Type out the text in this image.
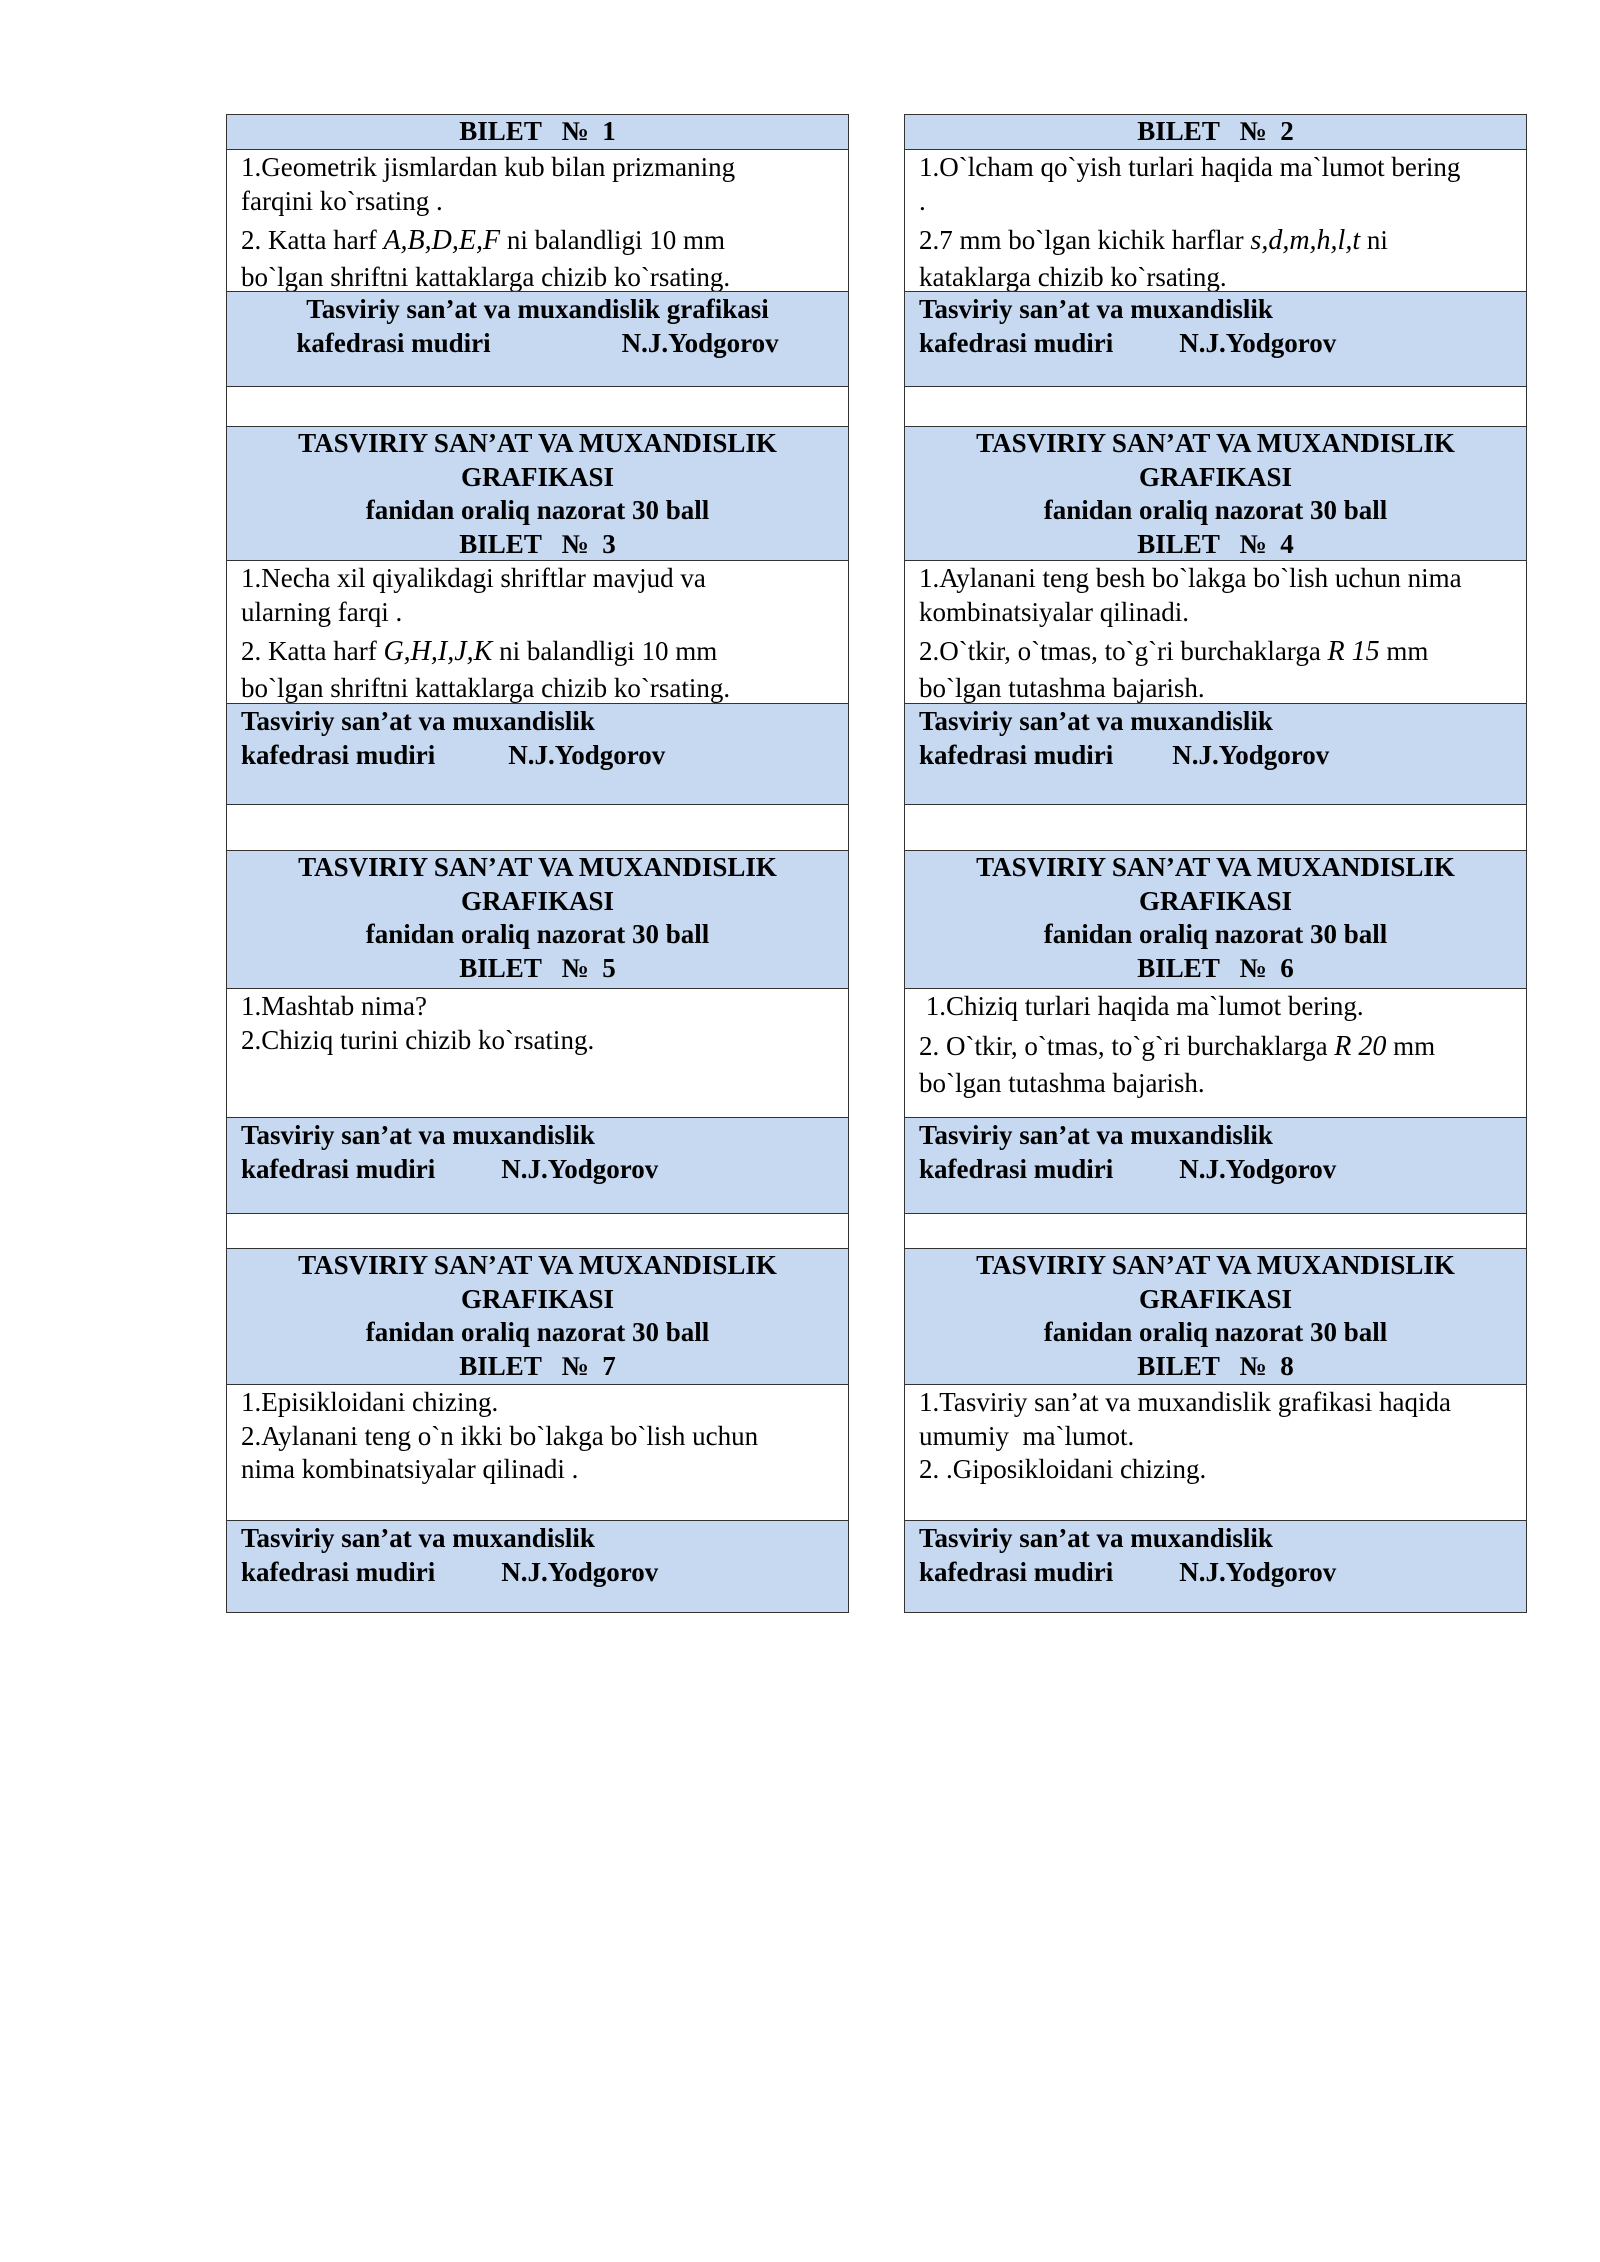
BILET   №  1
1.Geometrik jismlardan kub bilan prizmaning
farqini ko`rsating .
2. Katta harf A,B,D,E,F ni balandligi 10 mm
bo`lgan shriftni kattaklarga chizib ko`rsating.
Tasviriy san’at va muxandislik grafikasi
kafedrasi mudiri	N.J.Yodgorov
TASVIRIY SAN’AT VA MUXANDISLIK GRAFIKASI
fanidan oraliq nazorat 30 ball
BILET   №  3
1.Necha xil qiyalikdagi shriftlar mavjud va
ularning farqi .
2. Katta harf G,H,I,J,K ni balandligi 10 mm
bo`lgan shriftni kattaklarga chizib ko`rsating.
Tasviriy san’at va muxandislik
kafedrasi mudiri	N.J.Yodgorov
TASVIRIY SAN’AT VA MUXANDISLIK GRAFIKASI
fanidan oraliq nazorat 30 ball
BILET   №  5
1.Mashtab nima?
2.Chiziq turini chizib ko`rsating.
Tasviriy san’at va muxandislik
kafedrasi mudiri N.J.Yodgorov
TASVIRIY SAN’AT VA MUXANDISLIK GRAFIKASI
fanidan oraliq nazorat 30 ball
BILET   №  7
1.Episikloidani chizing.
2.Aylanani teng o`n ikki bo`lakga bo`lish uchun
nima kombinatsiyalar qilinadi .
Tasviriy san’at va muxandislik
kafedrasi mudiri N.J.Yodgorov
BILET   №  2
1.O`lcham qo`yish turlari haqida ma`lumot bering
.
2.7 mm bo`lgan kichik harflar s,d,m,h,l,t ni
kataklarga chizib ko`rsating.
Tasviriy san’at va muxandislik
kafedrasi mudiri N.J.Yodgorov
TASVIRIY SAN’AT VA MUXANDISLIK GRAFIKASI
fanidan oraliq nazorat 30 ball
BILET   №  4
1.Aylanani teng besh bo`lakga bo`lish uchun nima
kombinatsiyalar qilinadi.
2.O`tkir, o`tmas, to`g`ri burchaklarga R 15 mm
bo`lgan tutashma bajarish.
Tasviriy san’at va muxandislik
kafedrasi mudiri N.J.Yodgorov
TASVIRIY SAN’AT VA MUXANDISLIK GRAFIKASI
fanidan oraliq nazorat 30 ball
BILET   №  6
1.Chiziq turlari haqida ma`lumot bering.
2. O`tkir, o`tmas, to`g`ri burchaklarga R 20 mm
bo`lgan tutashma bajarish.
Tasviriy san’at va muxandislik
kafedrasi mudiri N.J.Yodgorov
TASVIRIY SAN’AT VA MUXANDISLIK GRAFIKASI
fanidan oraliq nazorat 30 ball
BILET   №  8
1.Tasviriy san’at va muxandislik grafikasi haqida
umumiy  ma`lumot.
2. .Giposikloidani chizing.
Tasviriy san’at va muxandislik
kafedrasi mudiri N.J.Yodgorov
